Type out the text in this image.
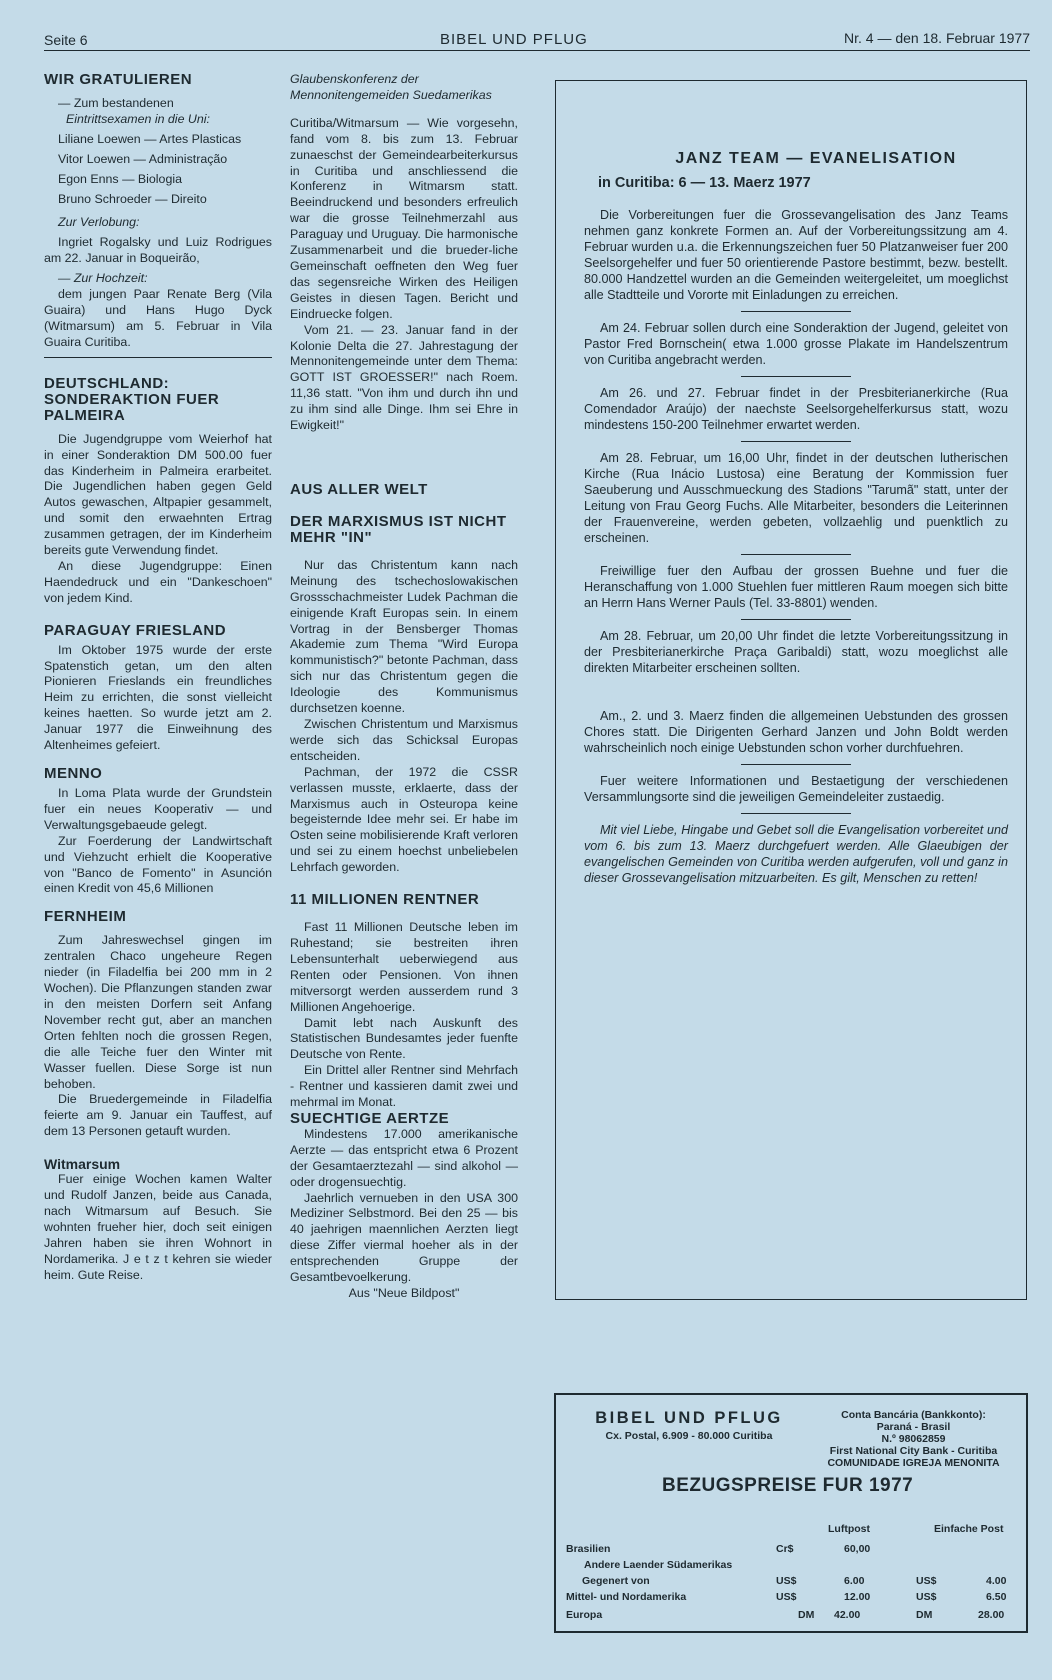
Seite 6	BIBEL UND PFLUG	Nr. 4 — den 18. Februar 1977
WIR GRATULIEREN

— Zum bestandenen

Eintrittsexamen in die Uni:

Liliane Loewen — Artes Plasticas

Vitor Loewen — Administração

Egon Enns — Biologia

Bruno Schroeder — Direito

Zur Verlobung:

Ingriet Rogalsky und Luiz Rodrigues am 22. Januar in Boqueirão,

— Zur Hochzeit:

dem jungen Paar Renate Berg (Vila Guaira) und Hans Hugo Dyck (Witmarsum) am 5. Februar in Vila Guaira Curitiba.

DEUTSCHLAND: SONDERAKTION FUER PALMEIRA

Die Jugendgruppe vom Weierhof hat in einer Sonderaktion DM 500.00 fuer das Kinderheim in Palmeira erarbeitet. Die Jugendlichen haben gegen Geld Autos gewaschen, Altpapier gesammelt, und somit den erwaehnten Ertrag zusammen getragen, der im Kinderheim bereits gute Verwendung findet.

An diese Jugendgruppe: Einen Haendedruck und ein "Dankeschoen" von jedem Kind.

PARAGUAY FRIESLAND

Im Oktober 1975 wurde der erste Spatenstich getan, um den alten Pionieren Frieslands ein freundliches Heim zu errichten, die sonst vielleicht keines haetten. So wurde jetzt am 2. Januar 1977 die Einweihnung des Altenheimes gefeiert.

MENNO

In Loma Plata wurde der Grundstein fuer ein neues Kooperativ — und Verwaltungsgebaeude gelegt.

Zur Foerderung der Landwirtschaft und Viehzucht erhielt die Kooperative von "Banco de Fomento" in Asunción einen Kredit von 45,6 Millionen

FERNHEIM

Zum Jahreswechsel gingen im zentralen Chaco ungeheure Regen nieder (in Filadelfia bei 200 mm in 2 Wochen). Die Pflanzungen standen zwar in den meisten Dorfern seit Anfang November recht gut, aber an manchen Orten fehlten noch die grossen Regen, die alle Teiche fuer den Winter mit Wasser fuellen. Diese Sorge ist nun behoben.

Die Bruedergemeinde in Filadelfia feierte am 9. Januar ein Tauffest, auf dem 13 Personen getauft wurden.

Witmarsum

Fuer einige Wochen kamen Walter und Rudolf Janzen, beide aus Canada, nach Witmarsum auf Besuch. Sie wohnten frueher hier, doch seit einigen Jahren haben sie ihren Wohnort in Nordamerika. J e t z t kehren sie wieder heim. Gute Reise.

Glaubenskonferenz der Mennonitengemeiden Suedamerikas

Curitiba/Witmarsum — Wie vorgesehn, fand vom 8. bis zum 13. Februar zunaeschst der Gemeindearbeiterkursus in Curitiba und anschliessend die Konferenz in Witmarsm statt. Beeindruckend und besonders erfreulich war die grosse Teilnehmerzahl aus Paraguay und Uruguay. Die harmonische Zusammenarbeit und die brueder-liche Gemeinschaft oeffneten den Weg fuer das segensreiche Wirken des Heiligen Geistes in diesen Tagen. Bericht und Eindruecke folgen.

Vom 21. — 23. Januar fand in der Kolonie Delta die 27. Jahrestagung der Mennonitengemeinde unter dem Thema: GOTT IST GROESSER!" nach Roem. 11,36 statt. "Von ihm und durch ihn und zu ihm sind alle Dinge. Ihm sei Ehre in Ewigkeit!"

AUS ALLER WELT
DER MARXISMUS IST NICHT MEHR "IN"

Nur das Christentum kann nach Meinung des tschechoslowakischen Grossschachmeister Ludek Pachman die einigende Kraft Europas sein. In einem Vortrag in der Bensberger Thomas Akademie zum Thema "Wird Europa kommunistisch?" betonte Pachman, dass sich nur das Christentum gegen die Ideologie des Kommunismus durchsetzen koenne.

Zwischen Christentum und Marxismus werde sich das Schicksal Europas entscheiden.

Pachman, der 1972 die CSSR verlassen musste, erklaerte, dass der Marxismus auch in Osteuropa keine begeisternde Idee mehr sei. Er habe im Osten seine mobilisierende Kraft verloren und sei zu einem hoechst unbeliebelen Lehrfach geworden.

11 MILLIONEN RENTNER

Fast 11 Millionen Deutsche leben im Ruhestand; sie bestreiten ihren Lebensunterhalt ueberwiegend aus Renten oder Pensionen. Von ihnen mitversorgt werden ausserdem rund 3 Millionen Angehoerige.

Damit lebt nach Auskunft des Statistischen Bundesamtes jeder fuenfte Deutsche von Rente.

Ein Drittel aller Rentner sind Mehrfach - Rentner und kassieren damit zwei und mehrmal im Monat.

SUECHTIGE AERTZE

Mindestens 17.000 amerikanische Aerzte — das entspricht etwa 6 Prozent der Gesamtaerztezahl — sind alkohol — oder drogensuechtig.

Jaehrlich vernueben in den USA 300 Mediziner Selbstmord. Bei den 25 — bis 40 jaehrigen maennlichen Aerzten liegt diese Ziffer viermal hoeher als in der entsprechenden Gruppe der Gesamtbevoelkerung.

Aus "Neue Bildpost"

JANZ TEAM — EVANELISATION
in Curitiba: 6 — 13. Maerz 1977

Die Vorbereitungen fuer die Grossevangelisation des Janz Teams nehmen ganz konkrete Formen an. Auf der Vorbereitungssitzung am 4. Februar wurden u.a. die Erkennungszeichen fuer 50 Platzanweiser fuer 200 Seelsorgehelfer und fuer 50 orientierende Pastore bestimmt, bezw. bestellt. 80.000 Handzettel wurden an die Gemeinden weitergeleitet, um moeglichst alle Stadtteile und Vororte mit Einladungen zu erreichen.

Am 24. Februar sollen durch eine Sonderaktion der Jugend, geleitet von Pastor Fred Bornschein( etwa 1.000 grosse Plakate im Handelszentrum von Curitiba angebracht werden.

Am 26. und 27. Februar findet in der Presbiterianerkirche (Rua Comendador Araújo) der naechste Seelsorgehelferkursus statt, wozu mindestens 150-200 Teilnehmer erwartet werden.

Am 28. Februar, um 16,00 Uhr, findet in der deutschen lutherischen Kirche (Rua Inácio Lustosa) eine Beratung der Kommission fuer Saeuberung und Ausschmueckung des Stadions "Tarumã" statt, unter der Leitung von Frau Georg Fuchs. Alle Mitarbeiter, besonders die Leiterinnen der Frauenvereine, werden gebeten, vollzaehlig und puenktlich zu erscheinen.

Freiwillige fuer den Aufbau der grossen Buehne und fuer die Heranschaffung von 1.000 Stuehlen fuer mittleren Raum moegen sich bitte an Herrn Hans Werner Pauls (Tel. 33-8801) wenden.

Am 28. Februar, um 20,00 Uhr findet die letzte Vorbereitungssitzung in der Presbiterianerkirche Praça Garibaldi) statt, wozu moeglichst alle direkten Mitarbeiter erscheinen sollten.

Am., 2. und 3. Maerz finden die allgemeinen Uebstunden des grossen Chores statt. Die Dirigenten Gerhard Janzen und John Boldt werden wahrscheinlich noch einige Uebstunden schon vorher durchfuehren.

Fuer weitere Informationen und Bestaetigung der verschiedenen Versammlungsorte sind die jeweiligen Gemeindeleiter zustaedig.

Mit viel Liebe, Hingabe und Gebet soll die Evangelisation vorbereitet und vom 6. bis zum 13. Maerz durchgefuert werden. Alle Glaeubigen der evangelischen Gemeinden von Curitiba werden aufgerufen, voll und ganz in dieser Grossevangelisation mitzuarbeiten. Es gilt, Menschen zu retten!

BIBEL UND PFLUG
Cx. Postal, 6.909 - 80.000 Curitiba
Conta Bancária (Bankkonto):
Paraná - Brasil
N.º 98062859
First National City Bank - Curitiba
COMUNIDADE IGREJA MENONITA
BEZUGSPREISE FUR 1977
Luftpost	Einfache Post
Brasilien	Cr$	60,00
Andere Laender Südamerikas
Gegenert von	US$	6.00	US$	4.00
Mittel- und Nordamerika	US$	12.00	US$	6.50
Europa	DM 42.00	DM	28.00
